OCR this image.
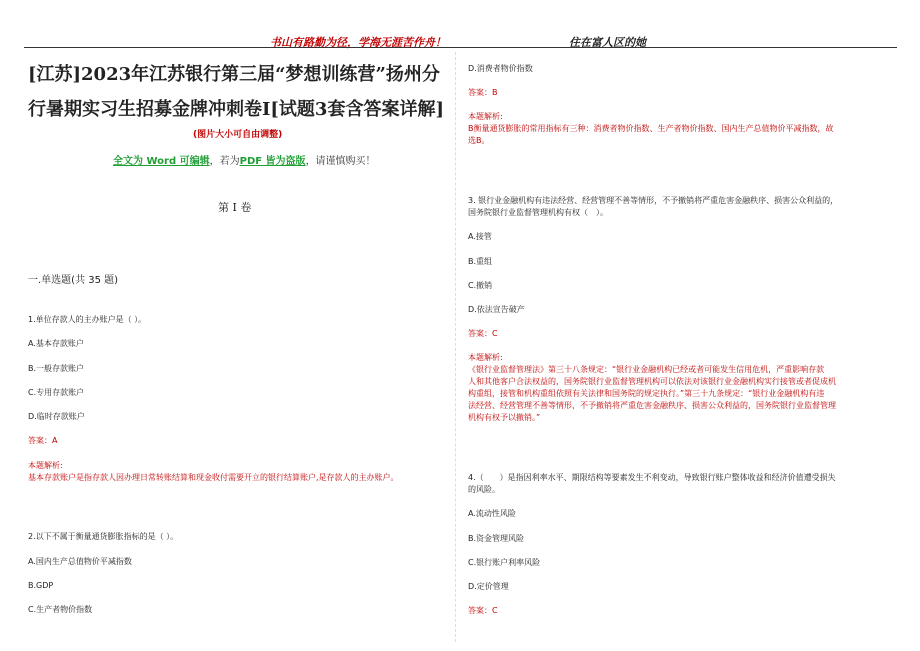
书山有路勤为径，学海无涯苦作舟！	住在富人区的她
[江苏]2023年江苏银行第三届“梦想训练营”扬州分
行暑期实习生招募金牌冲刺卷I[试题3套含答案详解]
(图片大小可自由调整)
全文为 Word 可编辑，若为PDF 皆为盗版，请谨慎购买！
第 I 卷
一.单选题(共 35 题)
1.单位存款人的主办账户是（ ）。
A.基本存款账户
B.一般存款账户
C.专用存款账户
D.临时存款账户
答案：A
本题解析:
基本存款账户是指存款人因办理日常转账结算和现金收付需要开立的银行结算账户,是存款人的主办账户。
2.以下不属于衡量通货膨胀指标的是（ ）。
A.国内生产总值物价平减指数
B.GDP
C.生产者物价指数
D.消费者物价指数
答案：B
本题解析:
B衡量通货膨胀的常用指标有三种：消费者物价指数、生产者物价指数、国内生产总值物价平减指数，故
选B。
3. 银行业金融机构有违法经营、经营管理不善等情形，不予撤销将严重危害金融秩序、损害公众利益的，
国务院银行业监督管理机构有权（　）。
A.接管
B.重组
C.撤销
D.依法宣告破产
答案：C
本题解析:
《银行业监督管理法》第三十八条规定：“银行业金融机构已经或者可能发生信用危机，严重影响存款
人和其他客户合法权益的，国务院银行业监督管理机构可以依法对该银行业金融机构实行接管或者促成机
构重组，接管和机构重组依照有关法律和国务院的规定执行。”第三十九条规定：“银行业金融机构有违
法经营、经营管理不善等情形，不予撤销将严重危害金融秩序、损害公众利益的，国务院银行业监督管理
机构有权予以撤销。”
4.（　　）是指因利率水平、期限结构等要素发生不利变动，导致银行账户整体收益和经济价值遭受损失
的风险。
A.流动性风险
B.资金管理风险
C.银行账户利率风险
D.定价管理
答案：C
